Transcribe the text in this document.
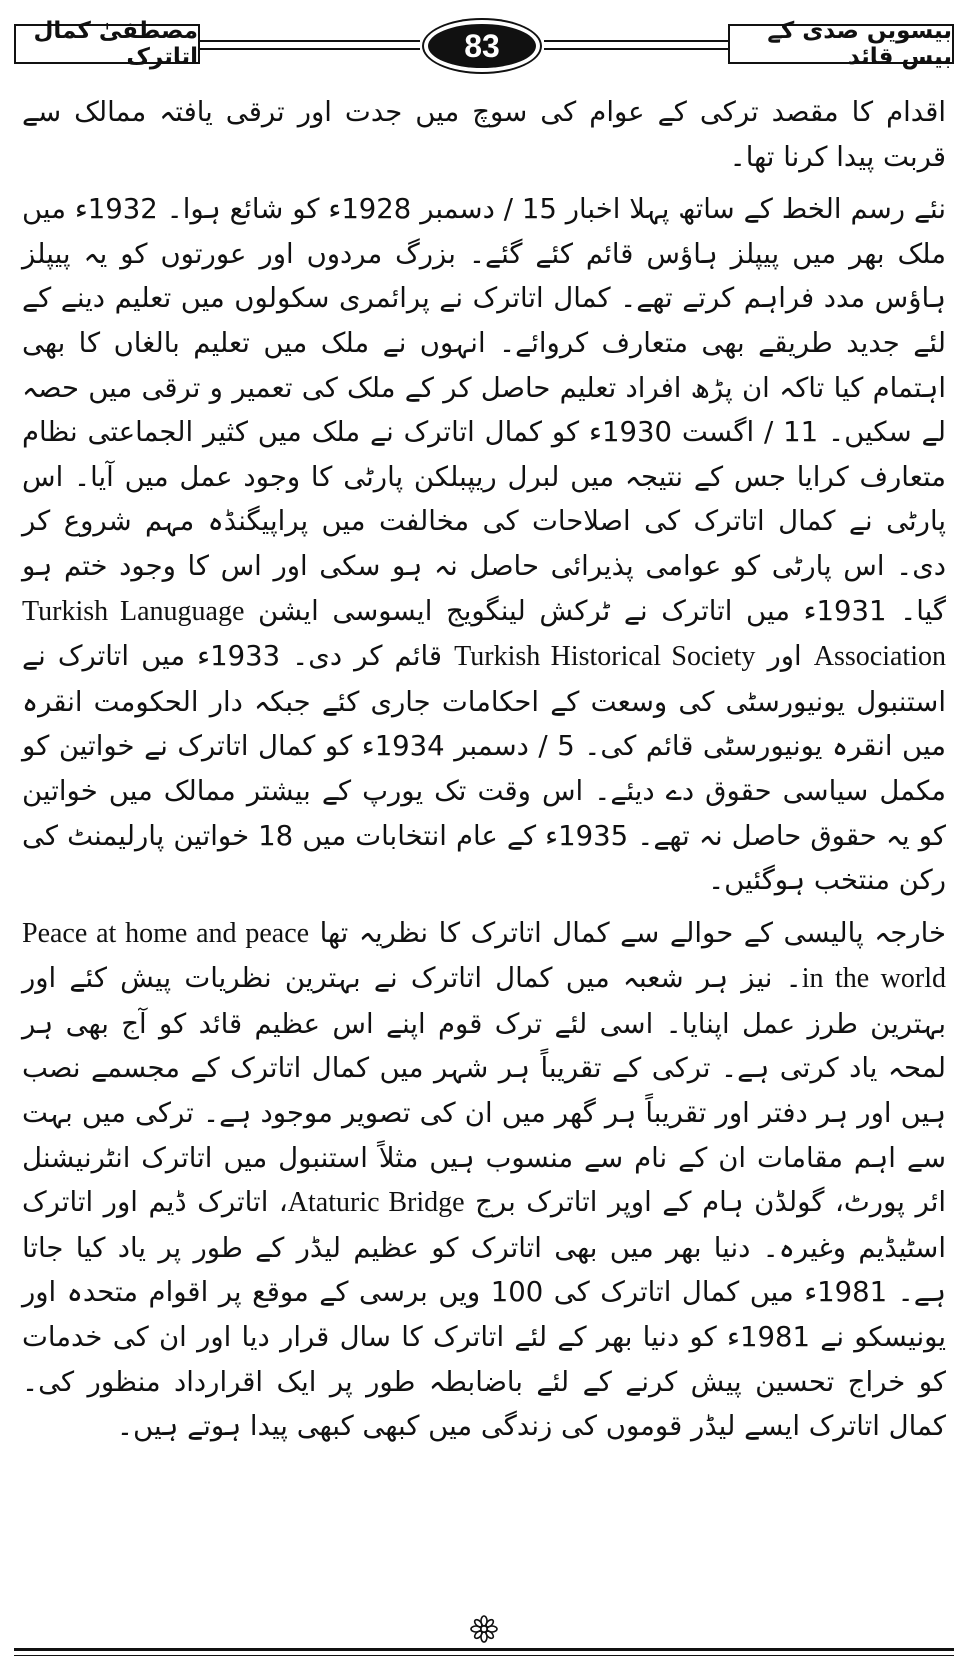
مصطفیٰ کمال اتاترک	83	بیسویں صدی کے بیس قائد

اقدام کا مقصد ترکی کے عوام کی سوچ میں جدت اور ترقی یافتہ ممالک سے قربت پیدا کرنا تھا۔

نئے رسم الخط کے ساتھ پہلا اخبار 15 / دسمبر 1928ء کو شائع ہوا۔ 1932ء میں ملک بھر میں پیپلز ہاؤس قائم کئے گئے۔ بزرگ مردوں اور عورتوں کو یہ پیپلز ہاؤس مدد فراہم کرتے تھے۔ کمال اتاترک نے پرائمری سکولوں میں تعلیم دینے کے لئے جدید طریقے بھی متعارف کروائے۔ انہوں نے ملک میں تعلیم بالغاں کا بھی اہتمام کیا تاکہ ان پڑھ افراد تعلیم حاصل کر کے ملک کی تعمیر و ترقی میں حصہ لے سکیں۔ 11 / اگست 1930ء کو کمال اتاترک نے ملک میں کثیر الجماعتی نظام متعارف کرایا جس کے نتیجہ میں لبرل ریپبلکن پارٹی کا وجود عمل میں آیا۔ اس پارٹی نے کمال اتاترک کی اصلاحات کی مخالفت میں پراپیگنڈہ مہم شروع کر دی۔ اس پارٹی کو عوامی پذیرائی حاصل نہ ہو سکی اور اس کا وجود ختم ہو گیا۔ 1931ء میں اتاترک نے ٹرکش لینگویج ایسوسی ایشن Turkish Lanuguage Association اور Turkish Historical Society قائم کر دی۔ 1933ء میں اتاترک نے استنبول یونیورسٹی کی وسعت کے احکامات جاری کئے جبکہ دار الحکومت انقرہ میں انقرہ یونیورسٹی قائم کی۔ 5 / دسمبر 1934ء کو کمال اتاترک نے خواتین کو مکمل سیاسی حقوق دے دیئے۔ اس وقت تک یورپ کے بیشتر ممالک میں خواتین کو یہ حقوق حاصل نہ تھے۔ 1935ء کے عام انتخابات میں 18 خواتین پارلیمنٹ کی رکن منتخب ہوگئیں۔

خارجہ پالیسی کے حوالے سے کمال اتاترک کا نظریہ تھا Peace at home and peace in the world۔ نیز ہر شعبہ میں کمال اتاترک نے بہترین نظریات پیش کئے اور بہترین طرز عمل اپنایا۔ اسی لئے ترک قوم اپنے اس عظیم قائد کو آج بھی ہر لمحہ یاد کرتی ہے۔ ترکی کے تقریباً ہر شہر میں کمال اتاترک کے مجسمے نصب ہیں اور ہر دفتر اور تقریباً ہر گھر میں ان کی تصویر موجود ہے۔ ترکی میں بہت سے اہم مقامات ان کے نام سے منسوب ہیں مثلاً استنبول میں اتاترک انٹرنیشنل ائر پورٹ، گولڈن ہام کے اوپر اتاترک برج Ataturic Bridge، اتاترک ڈیم اور اتاترک اسٹیڈیم وغیرہ۔ دنیا بھر میں بھی اتاترک کو عظیم لیڈر کے طور پر یاد کیا جاتا ہے۔ 1981ء میں کمال اتاترک کی 100 ویں برسی کے موقع پر اقوام متحدہ اور یونیسکو نے 1981ء کو دنیا بھر کے لئے اتاترک کا سال قرار دیا اور ان کی خدمات کو خراج تحسین پیش کرنے کے لئے باضابطہ طور پر ایک اقرارداد منظور کی۔ کمال اتاترک ایسے لیڈر قوموں کی زندگی میں کبھی کبھی پیدا ہوتے ہیں۔
